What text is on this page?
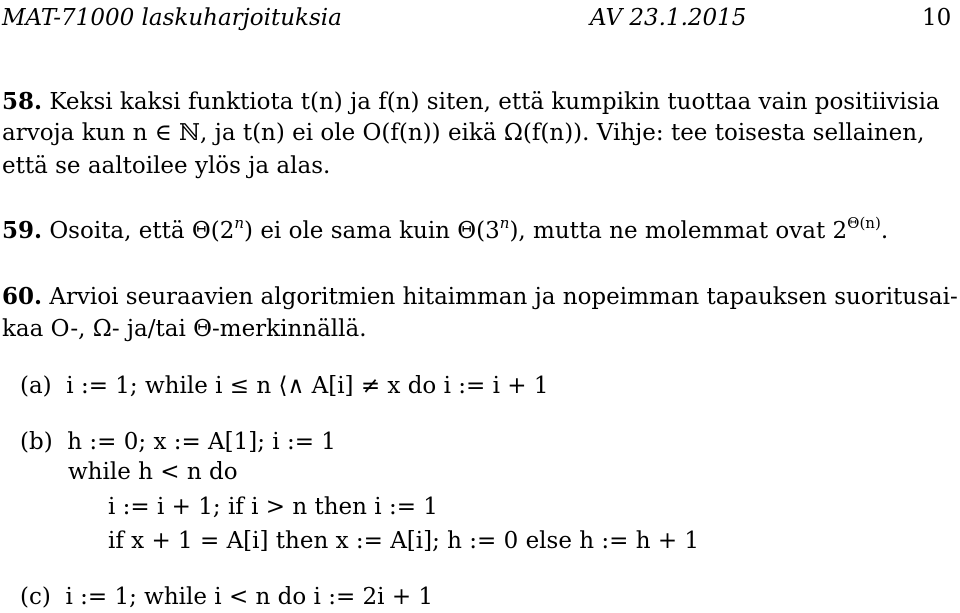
MAT-71000 laskuharjoituksia	AV 23.1.2015	10
58. Keksi kaksi funktiota t(n) ja f(n) siten, että kumpikin tuottaa vain positiivisia
arvoja kun n ∈ ℕ, ja t(n) ei ole O(f(n)) eikä Ω(f(n)). Vihje: tee toisesta sellainen,
että se aaltoilee ylös ja alas.
59. Osoita, että Θ(2$^n$) ei ole sama kuin Θ(3$^n$), mutta ne molemmat ovat $2^{\Theta(n)}$.
60. Arvioi seuraavien algoritmien hitaimman ja nopeimman tapauksen suoritusai-
kaa O-, Ω- ja/tai Θ-merkinnällä.
(a) i := 1; while i ≤ n ⟨∧ A[i] ≠ x do i := i + 1
(b) h := 0; x := A[1]; i := 1
while h < n do
i := i + 1; if i > n then i := 1
if x + 1 = A[i] then x := A[i]; h := 0 else h := h + 1
(c) i := 1; while i < n do i := 2i + 1
